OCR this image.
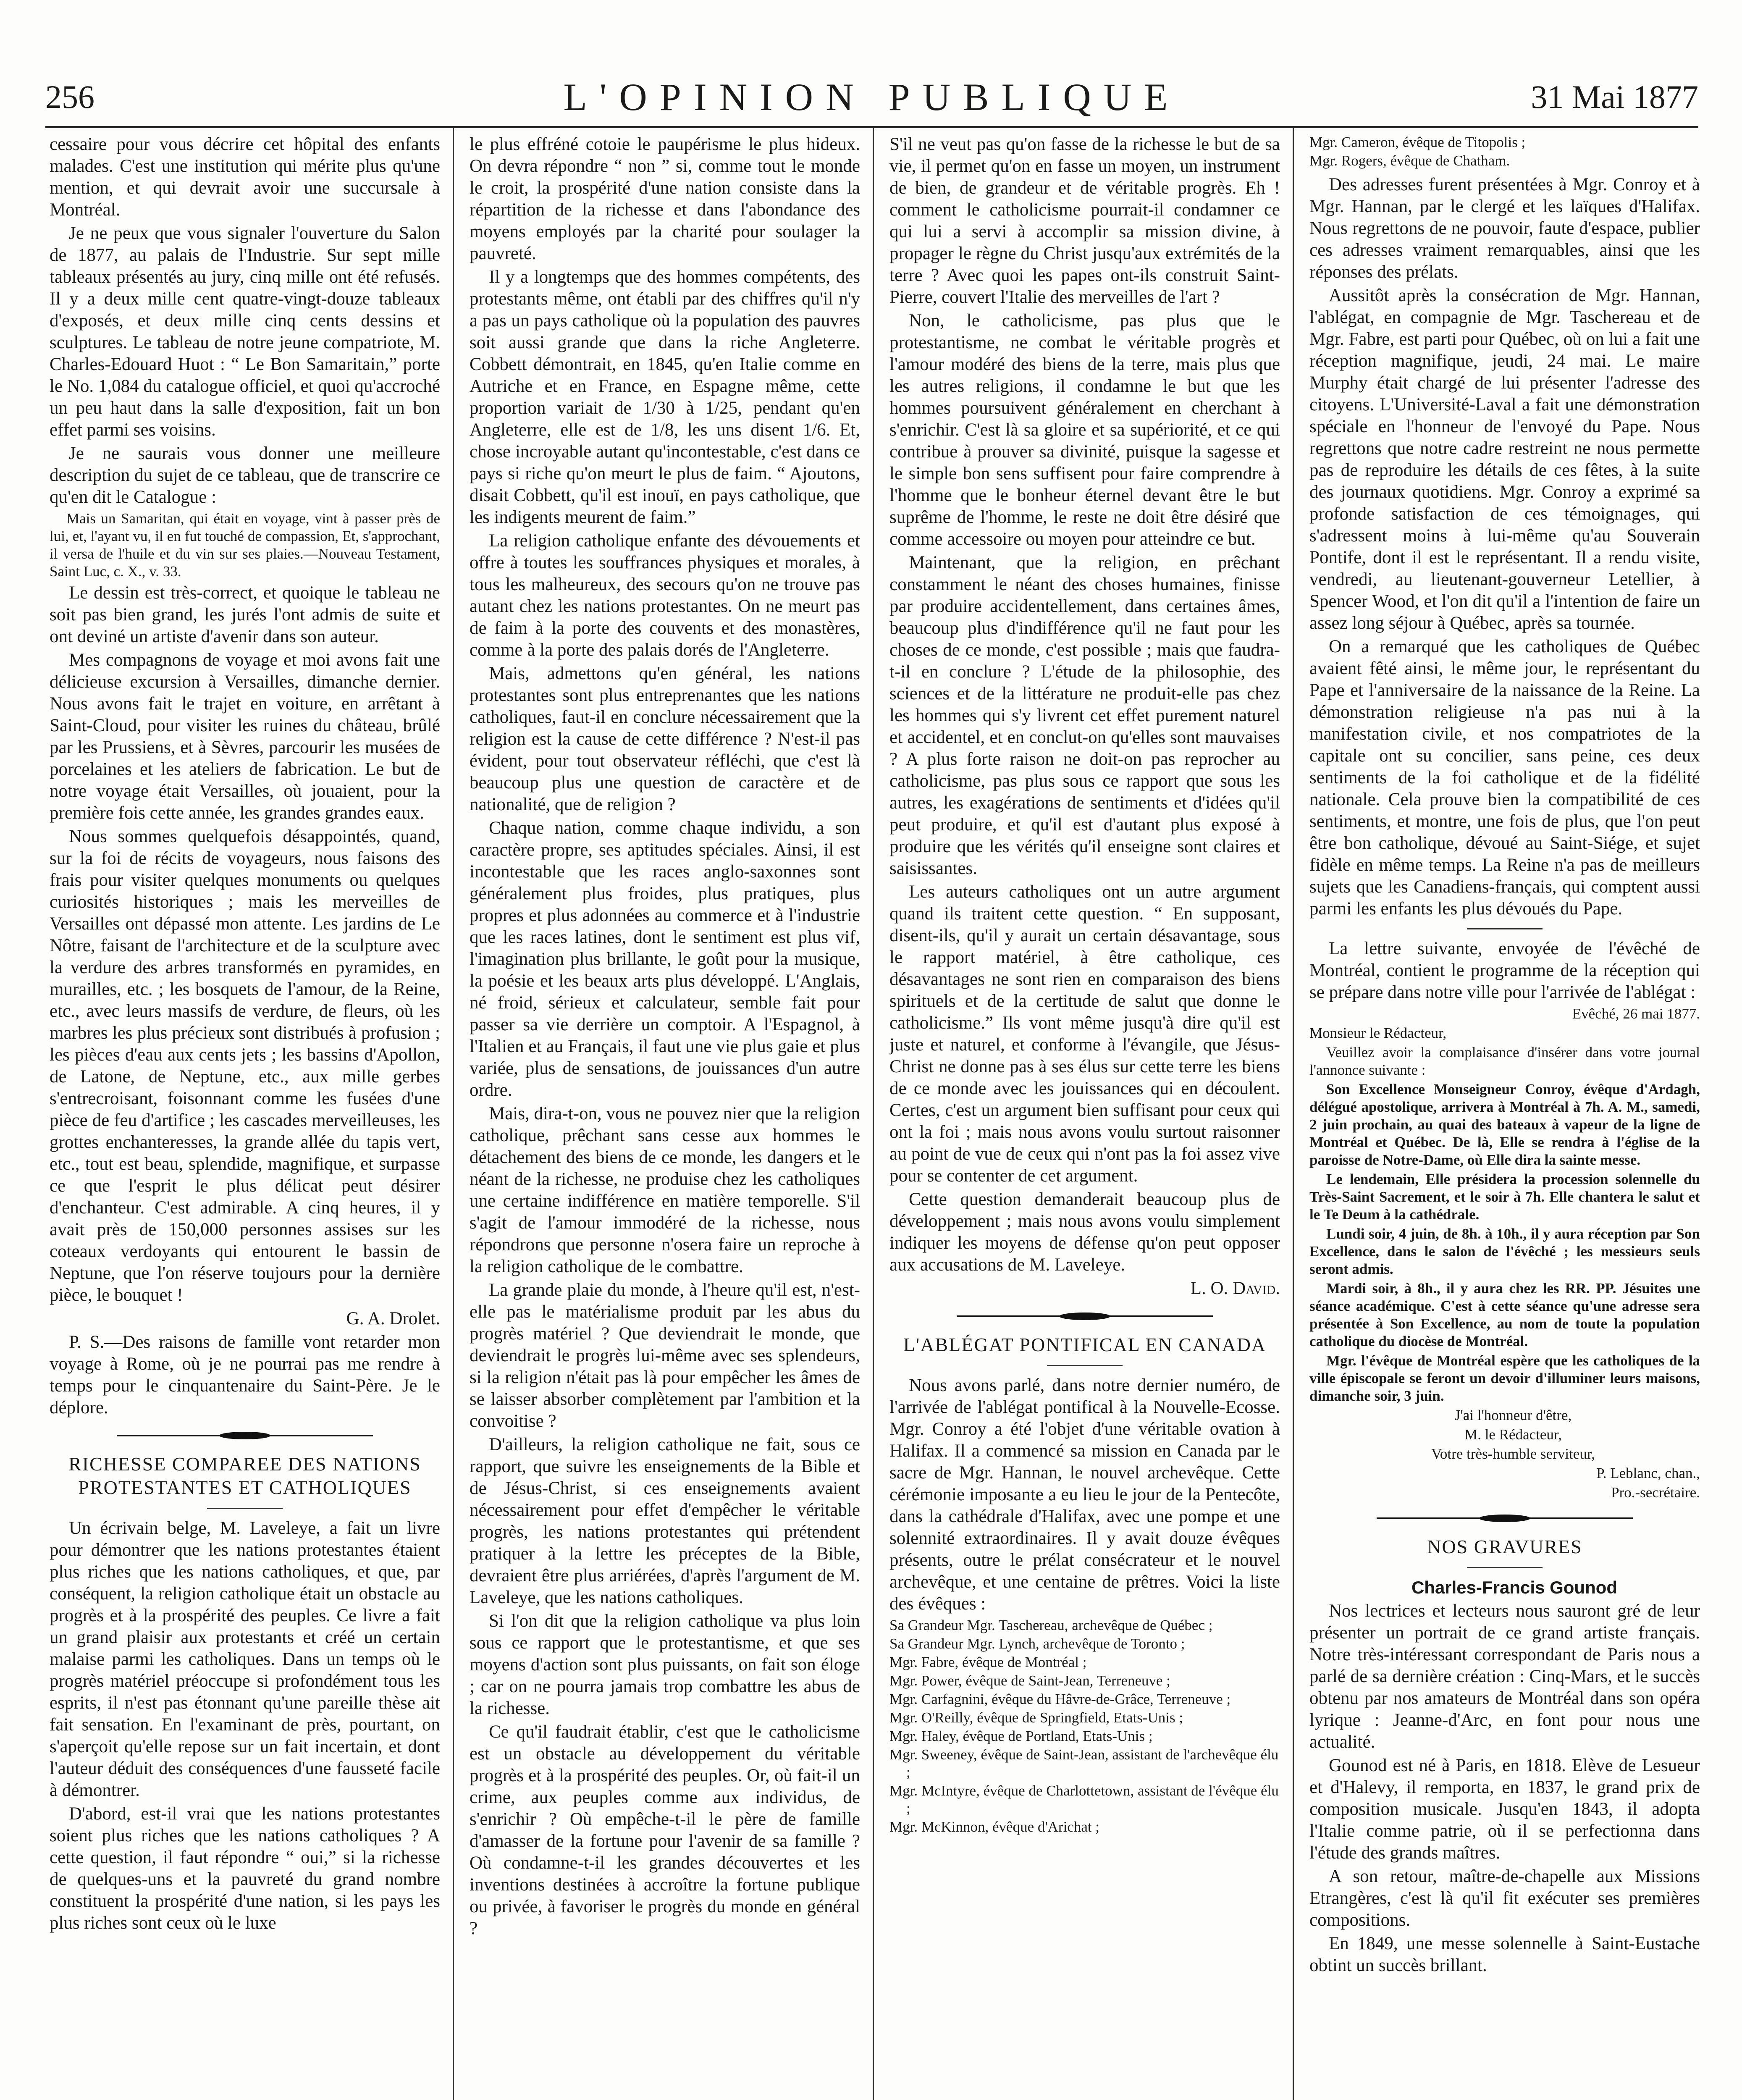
256	L'OPINION PUBLIQUE	31 Mai 1877

cessaire pour vous décrire cet hôpital des enfants malades. C'est une institution qui mérite plus qu'une mention, et qui devrait avoir une succursale à Montréal.

Je ne peux que vous signaler l'ouverture du Salon de 1877, au palais de l'Industrie. Sur sept mille tableaux présentés au jury, cinq mille ont été refusés. Il y a deux mille cent quatre-vingt-douze tableaux d'exposés, et deux mille cinq cents dessins et sculptures. Le tableau de notre jeune compatriote, M. Charles-Edouard Huot : “ Le Bon Samaritain,” porte le No. 1,084 du catalogue officiel, et quoi qu'accroché un peu haut dans la salle d'exposition, fait un bon effet parmi ses voisins.

Je ne saurais vous donner une meilleure description du sujet de ce tableau, que de transcrire ce qu'en dit le Catalogue :

Mais un Samaritan, qui était en voyage, vint à passer près de lui, et, l'ayant vu, il en fut touché de compassion, Et, s'approchant, il versa de l'huile et du vin sur ses plaies.—Nouveau Testament, Saint Luc, c. X., v. 33.

Le dessin est très-correct, et quoique le tableau ne soit pas bien grand, les jurés l'ont admis de suite et ont deviné un artiste d'avenir dans son auteur.

Mes compagnons de voyage et moi avons fait une délicieuse excursion à Versailles, dimanche dernier. Nous avons fait le trajet en voiture, en arrêtant à Saint-Cloud, pour visiter les ruines du château, brûlé par les Prussiens, et à Sèvres, parcourir les musées de porcelaines et les ateliers de fabrication. Le but de notre voyage était Versailles, où jouaient, pour la première fois cette année, les grandes grandes eaux.

Nous sommes quelquefois désappointés, quand, sur la foi de récits de voyageurs, nous faisons des frais pour visiter quelques monuments ou quelques curiosités historiques ; mais les merveilles de Versailles ont dépassé mon attente. Les jardins de Le Nôtre, faisant de l'architecture et de la sculpture avec la verdure des arbres transformés en pyramides, en murailles, etc. ; les bosquets de l'amour, de la Reine, etc., avec leurs massifs de verdure, de fleurs, où les marbres les plus précieux sont distribués à profusion ; les pièces d'eau aux cents jets ; les bassins d'Apollon, de Latone, de Neptune, etc., aux mille gerbes s'entrecroisant, foisonnant comme les fusées d'une pièce de feu d'artifice ; les cascades merveilleuses, les grottes enchanteresses, la grande allée du tapis vert, etc., tout est beau, splendide, magnifique, et surpasse ce que l'esprit le plus délicat peut désirer d'enchanteur. C'est admirable. A cinq heures, il y avait près de 150,000 personnes assises sur les coteaux verdoyants qui entourent le bassin de Neptune, que l'on réserve toujours pour la dernière pièce, le bouquet !

G. A. Drolet.

P. S.—Des raisons de famille vont retarder mon voyage à Rome, où je ne pourrai pas me rendre à temps pour le cinquantenaire du Saint-Père. Je le déplore.

RICHESSE COMPAREE DES NATIONS PROTESTANTES ET CATHOLIQUES

Un écrivain belge, M. Laveleye, a fait un livre pour démontrer que les nations protestantes étaient plus riches que les nations catholiques, et que, par conséquent, la religion catholique était un obstacle au progrès et à la prospérité des peuples. Ce livre a fait un grand plaisir aux protestants et créé un certain malaise parmi les catholiques. Dans un temps où le progrès matériel préoccupe si profondément tous les esprits, il n'est pas étonnant qu'une pareille thèse ait fait sensation. En l'examinant de près, pourtant, on s'aperçoit qu'elle repose sur un fait incertain, et dont l'auteur déduit des conséquences d'une fausseté facile à démontrer.

D'abord, est-il vrai que les nations protestantes soient plus riches que les nations catholiques ? A cette question, il faut répondre “ oui,” si la richesse de quelques-uns et la pauvreté du grand nombre constituent la prospérité d'une nation, si les pays les plus riches sont ceux où le luxe

le plus effréné cotoie le paupérisme le plus hideux. On devra répondre “ non ” si, comme tout le monde le croit, la prospérité d'une nation consiste dans la répartition de la richesse et dans l'abondance des moyens employés par la charité pour soulager la pauvreté.

Il y a longtemps que des hommes compétents, des protestants même, ont établi par des chiffres qu'il n'y a pas un pays catholique où la population des pauvres soit aussi grande que dans la riche Angleterre. Cobbett démontrait, en 1845, qu'en Italie comme en Autriche et en France, en Espagne même, cette proportion variait de 1/30 à 1/25, pendant qu'en Angleterre, elle est de 1/8, les uns disent 1/6. Et, chose incroyable autant qu'incontestable, c'est dans ce pays si riche qu'on meurt le plus de faim. “ Ajoutons, disait Cobbett, qu'il est inouï, en pays catholique, que les indigents meurent de faim.”

La religion catholique enfante des dévouements et offre à toutes les souffrances physiques et morales, à tous les malheureux, des secours qu'on ne trouve pas autant chez les nations protestantes. On ne meurt pas de faim à la porte des couvents et des monastères, comme à la porte des palais dorés de l'Angleterre.

Mais, admettons qu'en général, les nations protestantes sont plus entreprenantes que les nations catholiques, faut-il en conclure nécessairement que la religion est la cause de cette différence ? N'est-il pas évident, pour tout observateur réfléchi, que c'est là beaucoup plus une question de caractère et de nationalité, que de religion ?

Chaque nation, comme chaque individu, a son caractère propre, ses aptitudes spéciales. Ainsi, il est incontestable que les races anglo-saxonnes sont généralement plus froides, plus pratiques, plus propres et plus adonnées au commerce et à l'industrie que les races latines, dont le sentiment est plus vif, l'imagination plus brillante, le goût pour la musique, la poésie et les beaux arts plus développé. L'Anglais, né froid, sérieux et calculateur, semble fait pour passer sa vie derrière un comptoir. A l'Espagnol, à l'Italien et au Français, il faut une vie plus gaie et plus variée, plus de sensations, de jouissances d'un autre ordre.

Mais, dira-t-on, vous ne pouvez nier que la religion catholique, prêchant sans cesse aux hommes le détachement des biens de ce monde, les dangers et le néant de la richesse, ne produise chez les catholiques une certaine indifférence en matière temporelle. S'il s'agit de l'amour immodéré de la richesse, nous répondrons que personne n'osera faire un reproche à la religion catholique de le combattre.

La grande plaie du monde, à l'heure qu'il est, n'est-elle pas le matérialisme produit par les abus du progrès matériel ? Que deviendrait le monde, que deviendrait le progrès lui-même avec ses splendeurs, si la religion n'était pas là pour empêcher les âmes de se laisser absorber complètement par l'ambition et la convoitise ?

D'ailleurs, la religion catholique ne fait, sous ce rapport, que suivre les enseignements de la Bible et de Jésus-Christ, si ces enseignements avaient nécessairement pour effet d'empêcher le véritable progrès, les nations protestantes qui prétendent pratiquer à la lettre les préceptes de la Bible, devraient être plus arriérées, d'après l'argument de M. Laveleye, que les nations catholiques.

Si l'on dit que la religion catholique va plus loin sous ce rapport que le protestantisme, et que ses moyens d'action sont plus puissants, on fait son éloge ; car on ne pourra jamais trop combattre les abus de la richesse.

Ce qu'il faudrait établir, c'est que le catholicisme est un obstacle au développement du véritable progrès et à la prospérité des peuples. Or, où fait-il un crime, aux peuples comme aux individus, de s'enrichir ? Où empêche-t-il le père de famille d'amasser de la fortune pour l'avenir de sa famille ? Où condamne-t-il les grandes découvertes et les inventions destinées à accroître la fortune publique ou privée, à favoriser le progrès du monde en général ?

S'il ne veut pas qu'on fasse de la richesse le but de sa vie, il permet qu'on en fasse un moyen, un instrument de bien, de grandeur et de véritable progrès. Eh ! comment le catholicisme pourrait-il condamner ce qui lui a servi à accomplir sa mission divine, à propager le règne du Christ jusqu'aux extrémités de la terre ? Avec quoi les papes ont-ils construit Saint-Pierre, couvert l'Italie des merveilles de l'art ?

Non, le catholicisme, pas plus que le protestantisme, ne combat le véritable progrès et l'amour modéré des biens de la terre, mais plus que les autres religions, il condamne le but que les hommes poursuivent généralement en cherchant à s'enrichir. C'est là sa gloire et sa supériorité, et ce qui contribue à prouver sa divinité, puisque la sagesse et le simple bon sens suffisent pour faire comprendre à l'homme que le bonheur éternel devant être le but suprême de l'homme, le reste ne doit être désiré que comme accessoire ou moyen pour atteindre ce but.

Maintenant, que la religion, en prêchant constamment le néant des choses humaines, finisse par produire accidentellement, dans certaines âmes, beaucoup plus d'indifférence qu'il ne faut pour les choses de ce monde, c'est possible ; mais que faudra-t-il en conclure ? L'étude de la philosophie, des sciences et de la littérature ne produit-elle pas chez les hommes qui s'y livrent cet effet purement naturel et accidentel, et en conclut-on qu'elles sont mauvaises ? A plus forte raison ne doit-on pas reprocher au catholicisme, pas plus sous ce rapport que sous les autres, les exagérations de sentiments et d'idées qu'il peut produire, et qu'il est d'autant plus exposé à produire que les vérités qu'il enseigne sont claires et saisissantes.

Les auteurs catholiques ont un autre argument quand ils traitent cette question. “ En supposant, disent-ils, qu'il y aurait un certain désavantage, sous le rapport matériel, à être catholique, ces désavantages ne sont rien en comparaison des biens spirituels et de la certitude de salut que donne le catholicisme.” Ils vont même jusqu'à dire qu'il est juste et naturel, et conforme à l'évangile, que Jésus-Christ ne donne pas à ses élus sur cette terre les biens de ce monde avec les jouissances qui en découlent. Certes, c'est un argument bien suffisant pour ceux qui ont la foi ; mais nous avons voulu surtout raisonner au point de vue de ceux qui n'ont pas la foi assez vive pour se contenter de cet argument.

Cette question demanderait beaucoup plus de développement ; mais nous avons voulu simplement indiquer les moyens de défense qu'on peut opposer aux accusations de M. Laveleye.

L. O. David.

L'ABLÉGAT PONTIFICAL EN CANADA

Nous avons parlé, dans notre dernier numéro, de l'arrivée de l'ablégat pontifical à la Nouvelle-Ecosse. Mgr. Conroy a été l'objet d'une véritable ovation à Halifax. Il a commencé sa mission en Canada par le sacre de Mgr. Hannan, le nouvel archevêque. Cette cérémonie imposante a eu lieu le jour de la Pentecôte, dans la cathédrale d'Halifax, avec une pompe et une solennité extraordinaires. Il y avait douze évêques présents, outre le prélat consécrateur et le nouvel archevêque, et une centaine de prêtres. Voici la liste des évêques :

Sa Grandeur Mgr. Taschereau, archevêque de Québec ;
Sa Grandeur Mgr. Lynch, archevêque de Toronto ;
Mgr. Fabre, évêque de Montréal ;
Mgr. Power, évêque de Saint-Jean, Terreneuve ;
Mgr. Carfagnini, évêque du Hâvre-de-Grâce, Terreneuve ;
Mgr. O'Reilly, évêque de Springfield, Etats-Unis ;
Mgr. Haley, évêque de Portland, Etats-Unis ;
Mgr. Sweeney, évêque de Saint-Jean, assistant de l'archevêque élu ;
Mgr. McIntyre, évêque de Charlottetown, assistant de l'évêque élu ;
Mgr. McKinnon, évêque d'Arichat ;
Mgr. Cameron, évêque de Titopolis ;
Mgr. Rogers, évêque de Chatham.

Des adresses furent présentées à Mgr. Conroy et à Mgr. Hannan, par le clergé et les laïques d'Halifax. Nous regrettons de ne pouvoir, faute d'espace, publier ces adresses vraiment remarquables, ainsi que les réponses des prélats.

Aussitôt après la consécration de Mgr. Hannan, l'ablégat, en compagnie de Mgr. Taschereau et de Mgr. Fabre, est parti pour Québec, où on lui a fait une réception magnifique, jeudi, 24 mai. Le maire Murphy était chargé de lui présenter l'adresse des citoyens. L'Université-Laval a fait une démonstration spéciale en l'honneur de l'envoyé du Pape. Nous regrettons que notre cadre restreint ne nous permette pas de reproduire les détails de ces fêtes, à la suite des journaux quotidiens. Mgr. Conroy a exprimé sa profonde satisfaction de ces témoignages, qui s'adressent moins à lui-même qu'au Souverain Pontife, dont il est le représentant. Il a rendu visite, vendredi, au lieutenant-gouverneur Letellier, à Spencer Wood, et l'on dit qu'il a l'intention de faire un assez long séjour à Québec, après sa tournée.

On a remarqué que les catholiques de Québec avaient fêté ainsi, le même jour, le représentant du Pape et l'anniversaire de la naissance de la Reine. La démonstration religieuse n'a pas nui à la manifestation civile, et nos compatriotes de la capitale ont su concilier, sans peine, ces deux sentiments de la foi catholique et de la fidélité nationale. Cela prouve bien la compatibilité de ces sentiments, et montre, une fois de plus, que l'on peut être bon catholique, dévoué au Saint-Siége, et sujet fidèle en même temps. La Reine n'a pas de meilleurs sujets que les Canadiens-français, qui comptent aussi parmi les enfants les plus dévoués du Pape.

La lettre suivante, envoyée de l'évêché de Montréal, contient le programme de la réception qui se prépare dans notre ville pour l'arrivée de l'ablégat :

Evêché, 26 mai 1877.

Monsieur le Rédacteur,

Veuillez avoir la complaisance d'insérer dans votre journal l'annonce suivante :

Son Excellence Monseigneur Conroy, évêque d'Ardagh, délégué apostolique, arrivera à Montréal à 7h. A. M., samedi, 2 juin prochain, au quai des bateaux à vapeur de la ligne de Montréal et Québec. De là, Elle se rendra à l'église de la paroisse de Notre-Dame, où Elle dira la sainte messe.

Le lendemain, Elle présidera la procession solennelle du Très-Saint Sacrement, et le soir à 7h. Elle chantera le salut et le Te Deum à la cathédrale.

Lundi soir, 4 juin, de 8h. à 10h., il y aura réception par Son Excellence, dans le salon de l'évêché ; les messieurs seuls seront admis.

Mardi soir, à 8h., il y aura chez les RR. PP. Jésuites une séance académique. C'est à cette séance qu'une adresse sera présentée à Son Excellence, au nom de toute la population catholique du diocèse de Montréal.

Mgr. l'évêque de Montréal espère que les catholiques de la ville épiscopale se feront un devoir d'illuminer leurs maisons, dimanche soir, 3 juin.

J'ai l'honneur d'être,

M. le Rédacteur,

Votre très-humble serviteur,

P. Leblanc, chan.,

Pro.-secrétaire.

NOS GRAVURES

Charles-Francis Gounod

Nos lectrices et lecteurs nous sauront gré de leur présenter un portrait de ce grand artiste français. Notre très-intéressant correspondant de Paris nous a parlé de sa dernière création : Cinq-Mars, et le succès obtenu par nos amateurs de Montréal dans son opéra lyrique : Jeanne-d'Arc, en font pour nous une actualité.

Gounod est né à Paris, en 1818. Elève de Lesueur et d'Halevy, il remporta, en 1837, le grand prix de composition musicale. Jusqu'en 1843, il adopta l'Italie comme patrie, où il se perfectionna dans l'étude des grands maîtres.

A son retour, maître-de-chapelle aux Missions Etrangères, c'est là qu'il fit exécuter ses premières compositions.

En 1849, une messe solennelle à Saint-Eustache obtint un succès brillant.
